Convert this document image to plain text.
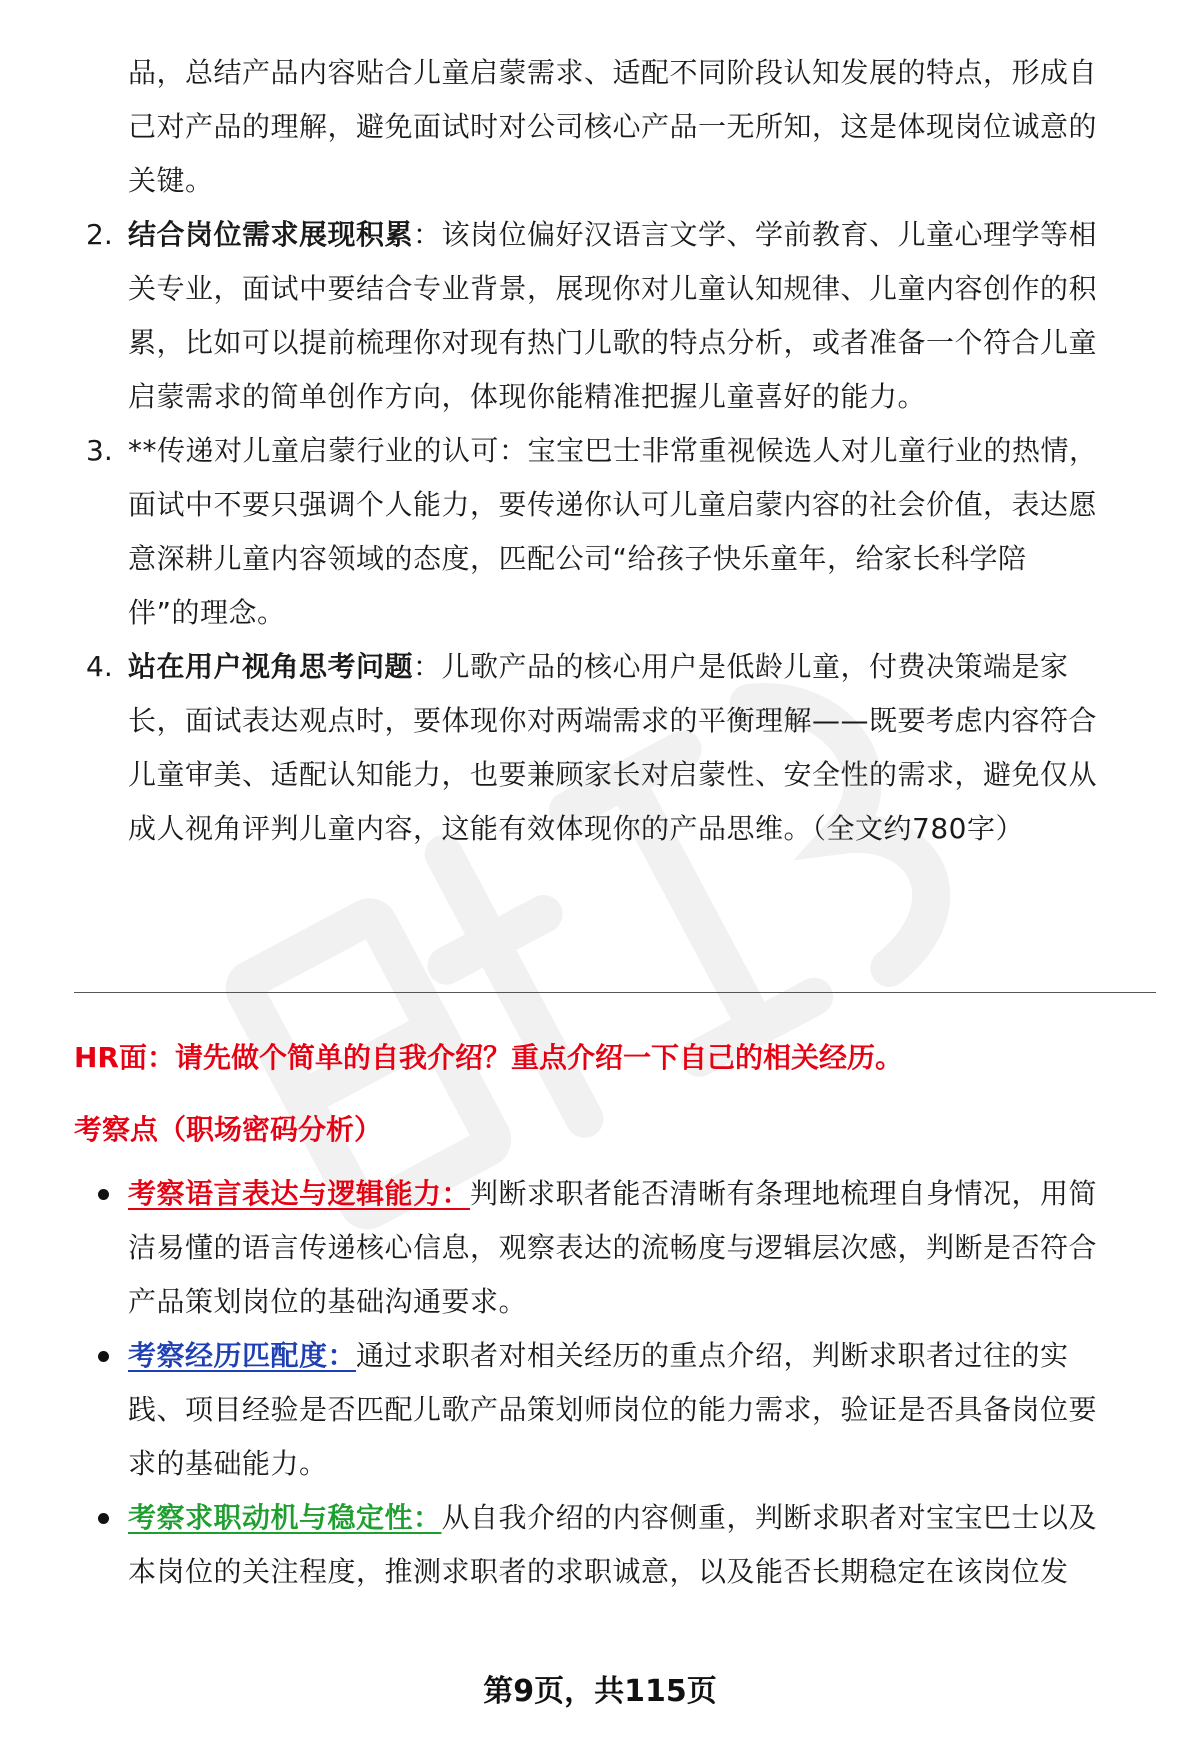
品，总结产品内容贴合儿童启蒙需求、适配不同阶段认知发展的特点，形成自
己对产品的理解，避免面试时对公司核心产品一无所知，这是体现岗位诚意的
关键。
2. 结合岗位需求展现积累：该岗位偏好汉语言文学、学前教育、儿童心理学等相
关专业，面试中要结合专业背景，展现你对儿童认知规律、儿童内容创作的积
累，比如可以提前梳理你对现有热门儿歌的特点分析，或者准备一个符合儿童
启蒙需求的简单创作方向，体现你能精准把握儿童喜好的能力。
3. **传递对儿童启蒙行业的认可：宝宝巴士非常重视候选人对儿童行业的热情，
面试中不要只强调个人能力，要传递你认可儿童启蒙内容的社会价值，表达愿
意深耕儿童内容领域的态度，匹配公司“给孩子快乐童年，给家长科学陪
伴”的理念。
4. 站在用户视角思考问题：儿歌产品的核心用户是低龄儿童，付费决策端是家
长，面试表达观点时，要体现你对两端需求的平衡理解——既要考虑内容符合
儿童审美、适配认知能力，也要兼顾家长对启蒙性、安全性的需求，避免仅从
成人视角评判儿童内容，这能有效体现你的产品思维。（全文约780字）
HR面：请先做个简单的自我介绍？重点介绍一下自己的相关经历。
考察点（职场密码分析）
考察语言表达与逻辑能力：判断求职者能否清晰有条理地梳理自身情况，用简
洁易懂的语言传递核心信息，观察表达的流畅度与逻辑层次感，判断是否符合
产品策划岗位的基础沟通要求。
考察经历匹配度：通过求职者对相关经历的重点介绍，判断求职者过往的实
践、项目经验是否匹配儿歌产品策划师岗位的能力需求，验证是否具备岗位要
求的基础能力。
考察求职动机与稳定性：从自我介绍的内容侧重，判断求职者对宝宝巴士以及
本岗位的关注程度，推测求职者的求职诚意，以及能否长期稳定在该岗位发
第9页，共115页
